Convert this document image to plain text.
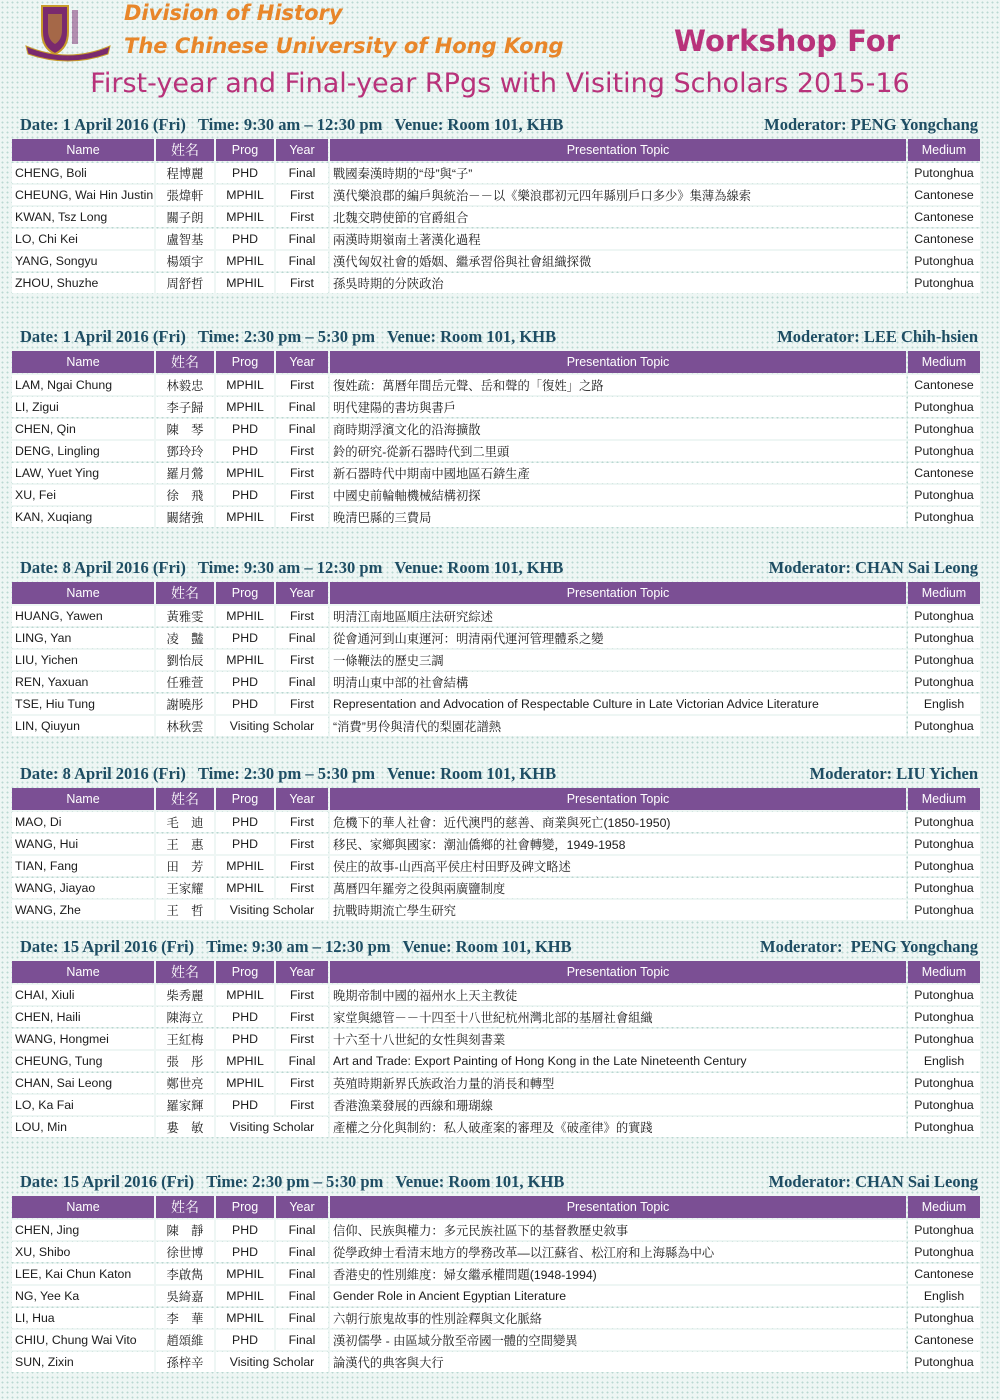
Division of History
The Chinese University of Hong Kong	Workshop For
First-year and Final-year RPgs with Visiting Scholars 2015-16
Date: 1 April 2016 (Fri)   Time: 9:30 am – 12:30 pm   Venue: Room 101, KHB	Moderator: PENG Yongchang
Name	姓名	Prog	Year	Presentation Topic	Medium
CHENG, Boli	程博麗	PHD	Final	戰國秦漢時期的“母”與“子”	Putonghua
CHEUNG, Wai Hin Justin	張煒軒	MPHIL	First	漢代樂浪郡的編戶與統治－－以《樂浪郡初元四年縣別戶口多少》集薄為線索	Cantonese
KWAN, Tsz Long	關子朗	MPHIL	First	北魏交聘使節的官爵組合	Cantonese
LO, Chi Kei	盧智基	PHD	Final	兩漢時期嶺南土著漢化過程	Cantonese
YANG, Songyu	楊頌宇	MPHIL	Final	漢代匈奴社會的婚姻、繼承習俗與社會組織探微	Putonghua
ZHOU, Shuzhe	周舒哲	MPHIL	First	孫吳時期的分陝政治	Putonghua
Date: 1 April 2016 (Fri)   Time: 2:30 pm – 5:30 pm   Venue: Room 101, KHB	Moderator: LEE Chih-hsien
Name	姓名	Prog	Year	Presentation Topic	Medium
LAM, Ngai Chung	林毅忠	MPHIL	First	復姓疏：萬曆年間岳元聲、岳和聲的「復姓」之路	Cantonese
LI, Zigui	李子歸	MPHIL	Final	明代建陽的書坊與書戶	Putonghua
CHEN, Qin	陳　琴	PHD	Final	商時期浮濱文化的沿海擴散	Putonghua
DENG, Lingling	鄧玲玲	PHD	First	鈴的研究-從新石器時代到二里頭	Putonghua
LAW, Yuet Ying	羅月鶯	MPHIL	First	新石器時代中期南中國地區石錛生產	Cantonese
XU, Fei	徐　飛	PHD	First	中國史前輪軸機械結構初探	Putonghua
KAN, Xuqiang	闞緒強	MPHIL	First	晚清巴縣的三費局	Putonghua
Date: 8 April 2016 (Fri)   Time: 9:30 am – 12:30 pm   Venue: Room 101, KHB	Moderator: CHAN Sai Leong
Name	姓名	Prog	Year	Presentation Topic	Medium
HUANG, Yawen	黃雅雯	MPHIL	First	明清江南地區順庄法研究綜述	Putonghua
LING, Yan	凌　豔	PHD	Final	從會通河到山東運河：明清兩代運河管理體系之變	Putonghua
LIU, Yichen	劉怡辰	MPHIL	First	一條鞭法的歷史三調	Putonghua
REN, Yaxuan	任雅萱	PHD	Final	明清山東中部的社會結構	Putonghua
TSE, Hiu Tung	謝曉彤	PHD	First	Representation and Advocation of Respectable Culture in Late Victorian Advice Literature	English
LIN, Qiuyun	林秋雲	Visiting Scholar		“消費”男伶與清代的梨園花譜熱	Putonghua
Date: 8 April 2016 (Fri)   Time: 2:30 pm – 5:30 pm   Venue: Room 101, KHB	Moderator: LIU Yichen
Name	姓名	Prog	Year	Presentation Topic	Medium
MAO, Di	毛　迪	PHD	First	危機下的華人社會：近代澳門的慈善、商業與死亡(1850-1950)	Putonghua
WANG, Hui	王　惠	PHD	First	移民、家鄉與國家：潮汕僑鄉的社會轉變，1949-1958	Putonghua
TIAN, Fang	田　芳	MPHIL	First	侯庄的故事-山西高平侯庄村田野及碑文略述	Putonghua
WANG, Jiayao	王家耀	MPHIL	First	萬曆四年羅旁之役與兩廣鹽制度	Putonghua
WANG, Zhe	王　哲	Visiting Scholar		抗戰時期流亡學生研究	Putonghua
Date: 15 April 2016 (Fri)   Time: 9:30 am – 12:30 pm   Venue: Room 101, KHB	Moderator:  PENG Yongchang
Name	姓名	Prog	Year	Presentation Topic	Medium
CHAI, Xiuli	柴秀麗	MPHIL	First	晚期帝制中國的福州水上天主教徒	Putonghua
CHEN, Haili	陳海立	PHD	First	家堂與總管－－十四至十八世紀杭州灣北部的基層社會組織	Putonghua
WANG, Hongmei	王紅梅	PHD	First	十六至十八世紀的女性與刻書業	Putonghua
CHEUNG, Tung	張　彤	MPHIL	Final	Art and Trade: Export Painting of Hong Kong in the Late Nineteenth Century	English
CHAN, Sai Leong	鄭世亮	MPHIL	First	英殖時期新界氏族政治力量的消長和轉型	Putonghua
LO, Ka Fai	羅家輝	PHD	First	香港漁業發展的西線和珊瑚線	Putonghua
LOU, Min	婁　敏	Visiting Scholar		產權之分化與制約：私人破產案的審理及《破產律》的實踐	Putonghua
Date: 15 April 2016 (Fri)   Time: 2:30 pm – 5:30 pm   Venue: Room 101, KHB	Moderator: CHAN Sai Leong
Name	姓名	Prog	Year	Presentation Topic	Medium
CHEN, Jing	陳　靜	PHD	Final	信仰、民族與權力：多元民族社區下的基督教歷史敘事	Putonghua
XU, Shibo	徐世博	PHD	Final	從學政紳士看清末地方的學務改革—以江蘇省、松江府和上海縣為中心	Putonghua
LEE, Kai Chun Katon	李啟雋	MPHIL	Final	香港史的性別維度：婦女繼承權問題(1948-1994)	Cantonese
NG, Yee Ka	吳綺嘉	MPHIL	Final	Gender Role in Ancient Egyptian Literature	English
LI, Hua	李　華	MPHIL	Final	六朝行旅鬼故事的性別詮釋與文化脈絡	Putonghua
CHIU, Chung Wai Vito	趙頌維	PHD	Final	漢初儒學 - 由區域分散至帝國一體的空間變異	Cantonese
SUN, Zixin	孫梓辛	Visiting Scholar		論漢代的典客與大行	Putonghua
